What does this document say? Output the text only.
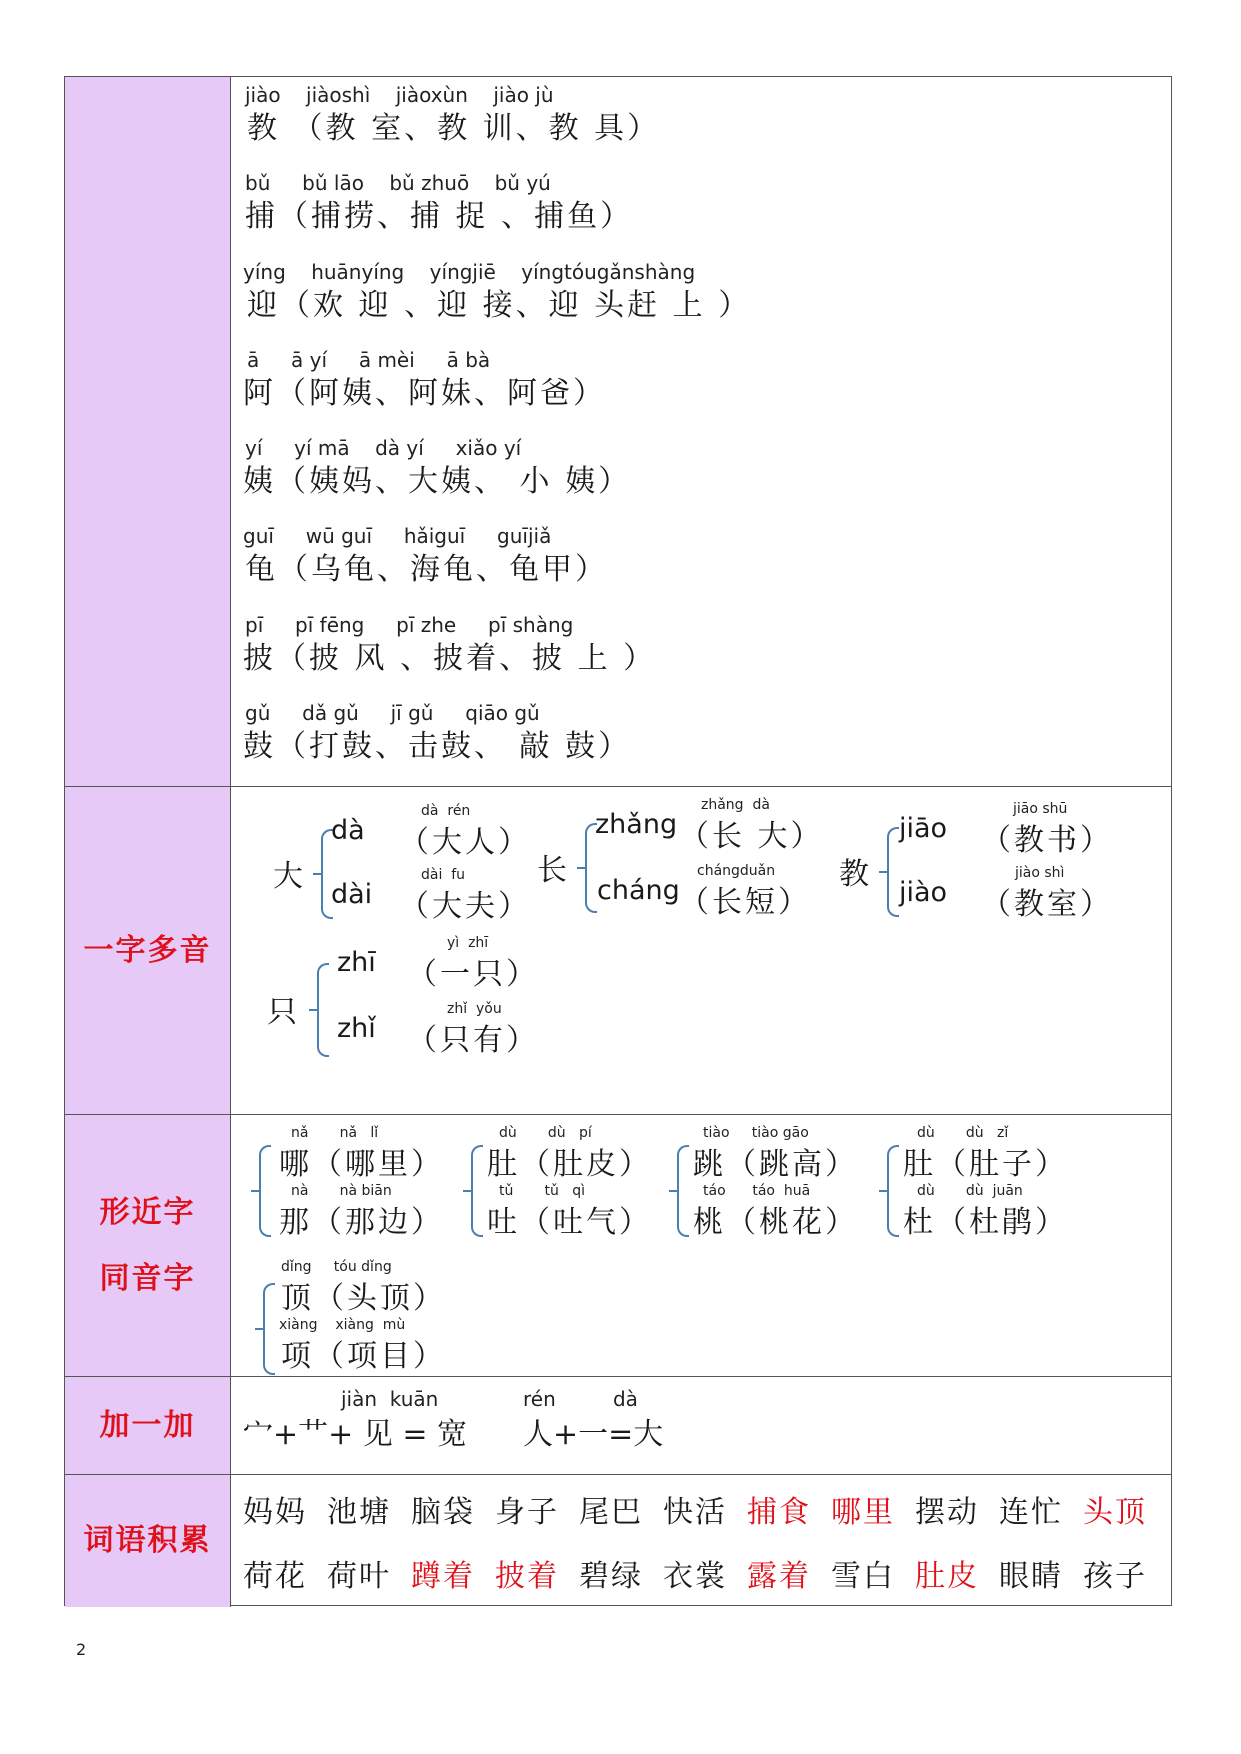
jiào    jiàoshì    jiàoxùn    jiào jù
教 （教 室、教 训、教 具）
bǔ     bǔ lāo    bǔ zhuō    bǔ yú
捕（捕捞、捕 捉 、捕鱼）
yíng    huānyíng    yíngjiē    yíngtóugǎnshàng
迎（欢 迎 、迎 接、迎 头赶 上 ）
ā     ā yí     ā mèi     ā bà
阿（阿姨、阿妹、阿爸）
yí     yí mā    dà yí     xiǎo yí
姨（姨妈、大姨、 小 姨）
guī     wū guī     hǎiguī     guījiǎ
龟（乌龟、海龟、龟甲）
pī     pī fēng     pī zhe     pī shàng
披（披 风 、披着、披 上 ）
gǔ     dǎ gǔ     jī gǔ     qiāo gǔ
鼓（打鼓、击鼓、 敲 鼓）
一字多音
大
dà
dà  rén
（大人）
dài
dài  fu
（大夫）
长
zhǎng
zhǎng  dà
（长 大）
cháng
chángduǎn
（长短）
教
jiāo
jiāo shū
（教书）
jiào
jiào shì
（教室）
只
zhī
yì  zhī
（一只）
zhǐ
zhǐ  yǒu
（只有）
形近字
同音字
nǎ       nǎ   lǐ
哪（哪里）
nà       nà biān
那（那边）
dù       dù   pí
肚（肚皮）
tǔ       tǔ   qì
吐（吐气）
tiào     tiào gāo
跳（跳高）
táo      táo  huā
桃（桃花）
dù       dù   zǐ
肚（肚子）
dù       dù  juān
杜（杜鹃）
dǐng     tóu dǐng
顶（头顶）
xiàng    xiàng  mù
项（项目）
加一加
jiàn  kuān
宀+艹+ 见 = 宽
rén         dà
人+一=大
词语积累
妈妈 池塘 脑袋 身子 尾巴 快活 捕食 哪里 摆动 连忙 头顶
荷花 荷叶 蹲着 披着 碧绿 衣裳 露着 雪白 肚皮 眼睛 孩子
2
